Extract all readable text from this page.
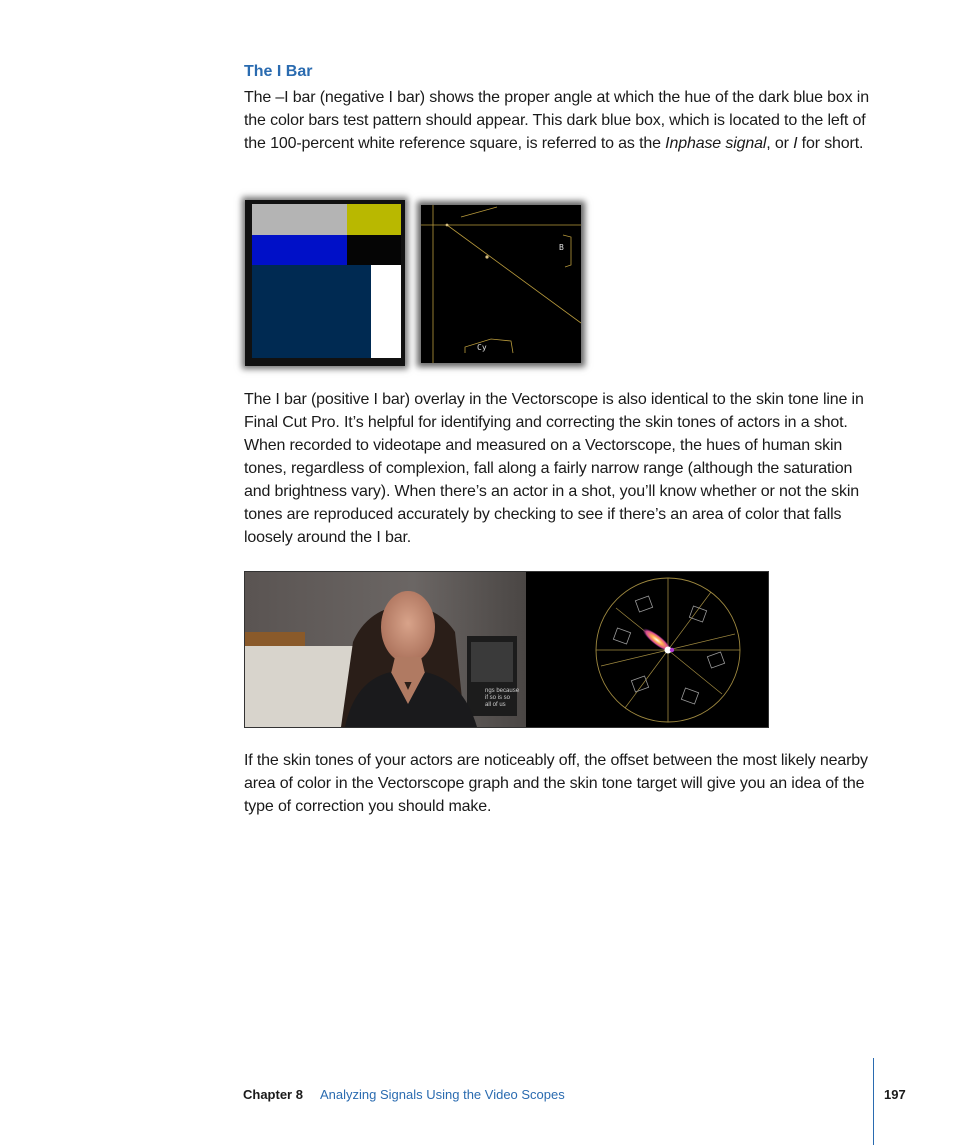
The I Bar

The –I bar (negative I bar) shows the proper angle at which the hue of the dark blue box in the color bars test pattern should appear. This dark blue box, which is located to the left of the 100-percent white reference square, is referred to as the Inphase signal, or I for short.

B
Cy

The I bar (positive I bar) overlay in the Vectorscope is also identical to the skin tone line in Final Cut Pro. It’s helpful for identifying and correcting the skin tones of actors in a shot. When recorded to videotape and measured on a Vectorscope, the hues of human skin tones, regardless of complexion, fall along a fairly narrow range (although the saturation and brightness vary). When there’s an actor in a shot, you’ll know whether or not the skin tones are reproduced accurately by checking to see if there’s an area of color that falls loosely around the I bar.

ngs because if so is so all of us

If the skin tones of your actors are noticeably off, the offset between the most likely nearby area of color in the Vectorscope graph and the skin tone target will give you an idea of the type of correction you should make.

Chapter 8 Analyzing Signals Using the Video Scopes	197
